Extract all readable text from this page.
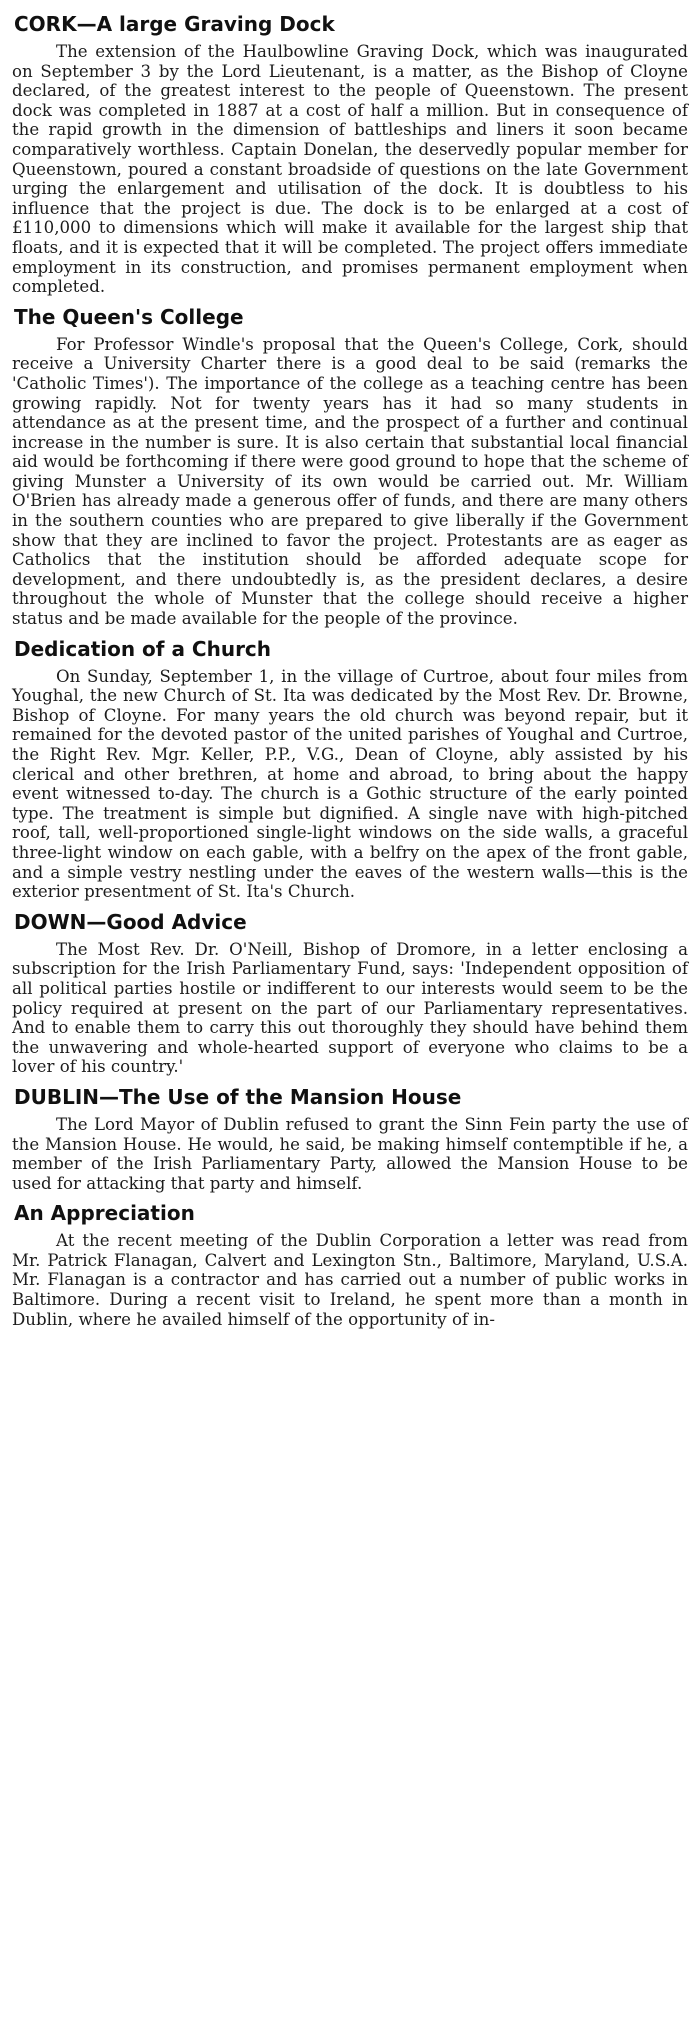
CORK—A large Graving Dock

The extension of the Haulbowline Graving Dock, which was inaugurated on September 3 by the Lord Lieutenant, is a matter, as the Bishop of Cloyne declared, of the greatest interest to the people of Queenstown. The present dock was completed in 1887 at a cost of half a million. But in consequence of the rapid growth in the dimension of battleships and liners it soon became comparatively worthless. Captain Donelan, the deservedly popular member for Queenstown, poured a constant broadside of questions on the late Government urging the enlargement and utilisation of the dock. It is doubtless to his influence that the project is due. The dock is to be enlarged at a cost of £110,000 to dimensions which will make it available for the largest ship that floats, and it is expected that it will be completed. The project offers immediate employment in its construction, and promises permanent employment when completed.

The Queen's College

For Professor Windle's proposal that the Queen's College, Cork, should receive a University Charter there is a good deal to be said (remarks the 'Catholic Times'). The importance of the college as a teaching centre has been growing rapidly. Not for twenty years has it had so many students in attendance as at the present time, and the prospect of a further and continual increase in the number is sure. It is also certain that substantial local financial aid would be forthcoming if there were good ground to hope that the scheme of giving Munster a University of its own would be carried out. Mr. William O'Brien has already made a generous offer of funds, and there are many others in the southern counties who are prepared to give liberally if the Government show that they are inclined to favor the project. Protestants are as eager as Catholics that the institution should be afforded adequate scope for development, and there undoubtedly is, as the president declares, a desire throughout the whole of Munster that the college should receive a higher status and be made available for the people of the province.

Dedication of a Church

On Sunday, September 1, in the village of Curtroe, about four miles from Youghal, the new Church of St. Ita was dedicated by the Most Rev. Dr. Browne, Bishop of Cloyne. For many years the old church was beyond repair, but it remained for the devoted pastor of the united parishes of Youghal and Curtroe, the Right Rev. Mgr. Keller, P.P., V.G., Dean of Cloyne, ably assisted by his clerical and other brethren, at home and abroad, to bring about the happy event witnessed to-day. The church is a Gothic structure of the early pointed type. The treatment is simple but dignified. A single nave with high-pitched roof, tall, well-proportioned single-light windows on the side walls, a graceful three-light window on each gable, with a belfry on the apex of the front gable, and a simple vestry nestling under the eaves of the western walls—this is the exterior presentment of St. Ita's Church.

DOWN—Good Advice

The Most Rev. Dr. O'Neill, Bishop of Dromore, in a letter enclosing a subscription for the Irish Parliamentary Fund, says: 'Independent opposition of all political parties hostile or indifferent to our interests would seem to be the policy required at present on the part of our Parliamentary representatives. And to enable them to carry this out thoroughly they should have behind them the unwavering and whole-hearted support of everyone who claims to be a lover of his country.'

DUBLIN—The Use of the Mansion House

The Lord Mayor of Dublin refused to grant the Sinn Fein party the use of the Mansion House. He would, he said, be making himself contemptible if he, a member of the Irish Parliamentary Party, allowed the Mansion House to be used for attacking that party and himself.

An Appreciation

At the recent meeting of the Dublin Corporation a letter was read from Mr. Patrick Flanagan, Calvert and Lexington Stn., Baltimore, Maryland, U.S.A. Mr. Flanagan is a contractor and has carried out a number of public works in Baltimore. During a recent visit to Ireland, he spent more than a month in Dublin, where he availed himself of the opportunity of in-
